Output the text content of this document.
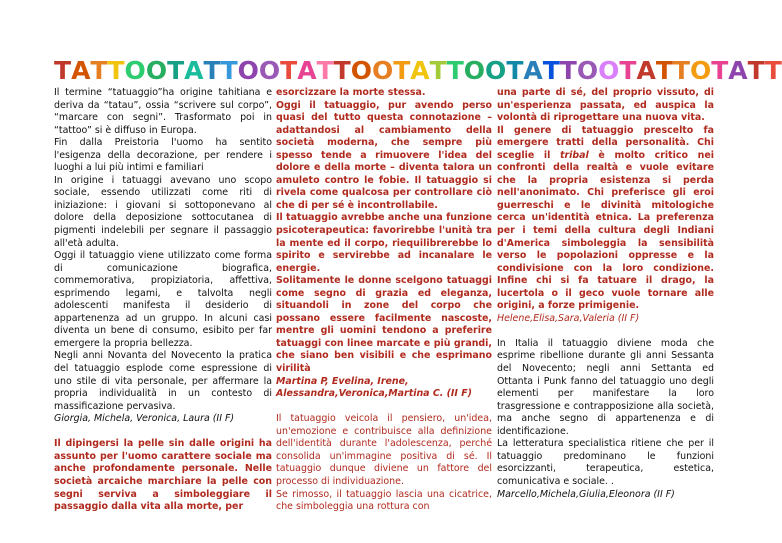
TATTOOTATTOOTATTOOTATTOOTATTOOTATTOTATT

Il termine “tatuaggio”ha origine tahitiana e deriva da “tatau”, ossia “scrivere sul corpo”, “marcare con segni”. Trasformato poi in “tattoo” si è diffuso in Europa.

Fin dalla Preistoria l'uomo ha sentito l'esigenza della decorazione, per rendere i luoghi a lui più intimi e familiari

In origine i tatuaggi avevano uno scopo sociale, essendo utilizzati come riti di iniziazione: i giovani si sottoponevano al dolore della deposizione sottocutanea di pigmenti indelebili per segnare il passaggio all'età adulta.

Oggi il tatuaggio viene utilizzato come forma di comunicazione biografica, commemorativa, propiziatoria, affettiva, esprimendo legami, e talvolta negli adolescenti manifesta il desiderio di appartenenza ad un gruppo. In alcuni casi diventa un bene di consumo, esibito per far emergere la propria bellezza.

Negli anni Novanta del Novecento la pratica del tatuaggio esplode come espressione di uno stile di vita personale, per affermare la propria individualità in un contesto di massificazione pervasiva.

Giorgia, Michela, Veronica, Laura (II F)

Il dipingersi la pelle sin dalle origini ha assunto per l'uomo carattere sociale ma anche profondamente personale. Nelle società arcaiche marchiare la pelle con segni serviva a simboleggiare il passaggio dalla vita alla morte, per

esorcizzare la morte stessa.

Oggi il tatuaggio, pur avendo perso quasi del tutto questa connotazione – adattandosi al cambiamento della società moderna, che sempre più spesso tende a rimuovere l'idea del dolore e della morte – diventa talora un amuleto contro le fobie. Il tatuaggio si rivela come qualcosa per controllare ciò che di per sé è incontrollabile.

Il tatuaggio avrebbe anche una funzione psicoterapeutica: favorirebbe l'unità tra la mente ed il corpo, riequilibrerebbe lo spirito e servirebbe ad incanalare le energie.

Solitamente le donne scelgono tatuaggi come segno di grazia ed eleganza, situandoli in zone del corpo che possano essere facilmente nascoste, mentre gli uomini tendono a preferire tatuaggi con linee marcate e più grandi, che siano ben visibili e che esprimano virilità

Martina P, Evelina, Irene,

Alessandra,Veronica,Martina C. (II F)

Il tatuaggio veicola il pensiero, un'idea, un'emozione e contribuisce alla definizione dell'identità durante l'adolescenza, perché consolida un'immagine positiva di sé. Il tatuaggio dunque diviene un fattore del processo di individuazione.

Se rimosso, il tatuaggio lascia una cicatrice, che simboleggia una rottura con

una parte di sé, del proprio vissuto, di un'esperienza passata, ed auspica la volontà di riprogettare una nuova vita.

Il genere di tatuaggio prescelto fa emergere tratti della personalità. Chi sceglie il tribal è molto critico nei confronti della realtà e vuole evitare che la propria esistenza si perda nell'anonimato. Chi preferisce gli eroi guerreschi e le divinità mitologiche cerca un'identità etnica. La preferenza per i temi della cultura degli Indiani d'America simboleggia la sensibilità verso le popolazioni oppresse e la condivisione con la loro condizione. Infine chi si fa tatuare il drago, la lucertola o il geco vuole tornare alle origini, a forze primigenie.

Helene,Elisa,Sara,Valeria (II F)

In Italia il tatuaggio diviene moda che esprime ribellione durante gli anni Sessanta del Novecento; negli anni Settanta ed Ottanta i Punk fanno del tatuaggio uno degli elementi per manifestare la loro trasgressione e contrapposizione alla società, ma anche segno di appartenenza e di identificazione.

La letteratura specialistica ritiene che per il tatuaggio predominano le funzioni esorcizzanti, terapeutica, estetica, comunicativa e sociale. .

Marcello,Michela,Giulia,Eleonora (II F)
